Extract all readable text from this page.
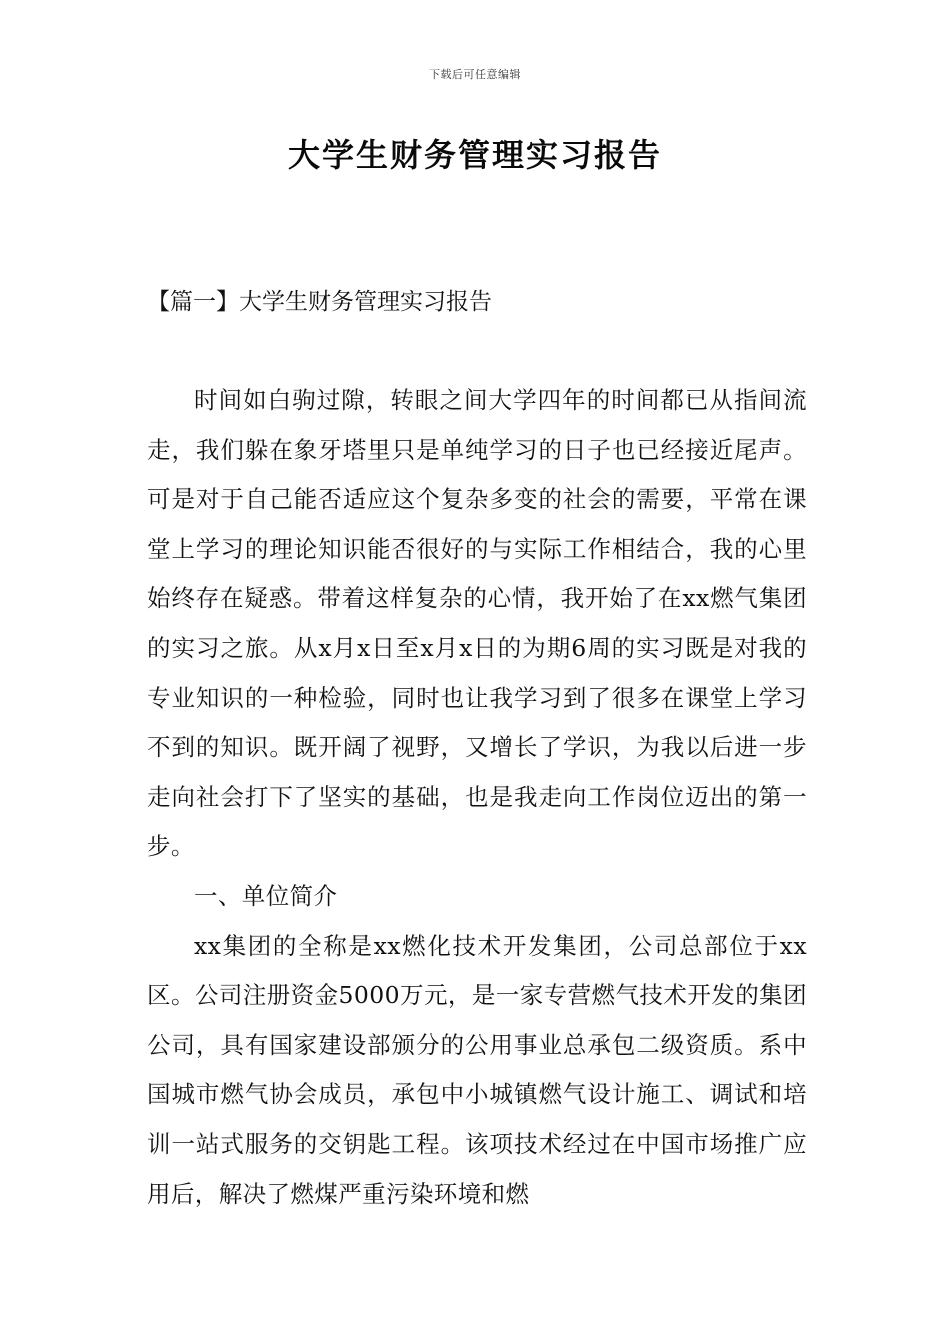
下载后可任意编辑
大学生财务管理实习报告
【篇一】大学生财务管理实习报告

时间如白驹过隙，转眼之间大学四年的时间都已从指间流走，我们躲在象牙塔里只是单纯学习的日子也已经接近尾声。可是对于自己能否适应这个复杂多变的社会的需要，平常在课堂上学习的理论知识能否很好的与实际工作相结合，我的心里始终存在疑惑。带着这样复杂的心情，我开始了在xx燃气集团的实习之旅。从x月x日至x月x日的为期6周的实习既是对我的专业知识的一种检验，同时也让我学习到了很多在课堂上学习不到的知识。既开阔了视野，又增长了学识，为我以后进一步走向社会打下了坚实的基础，也是我走向工作岗位迈出的第一步。

一、单位简介

xx集团的全称是xx燃化技术开发集团，公司总部位于xx区。公司注册资金5000万元，是一家专营燃气技术开发的集团公司，具有国家建设部颁分的公用事业总承包二级资质。系中国城市燃气协会成员，承包中小城镇燃气设计施工、调试和培训一站式服务的交钥匙工程。该项技术经过在中国市场推广应用后，解决了燃煤严重污染环境和燃
